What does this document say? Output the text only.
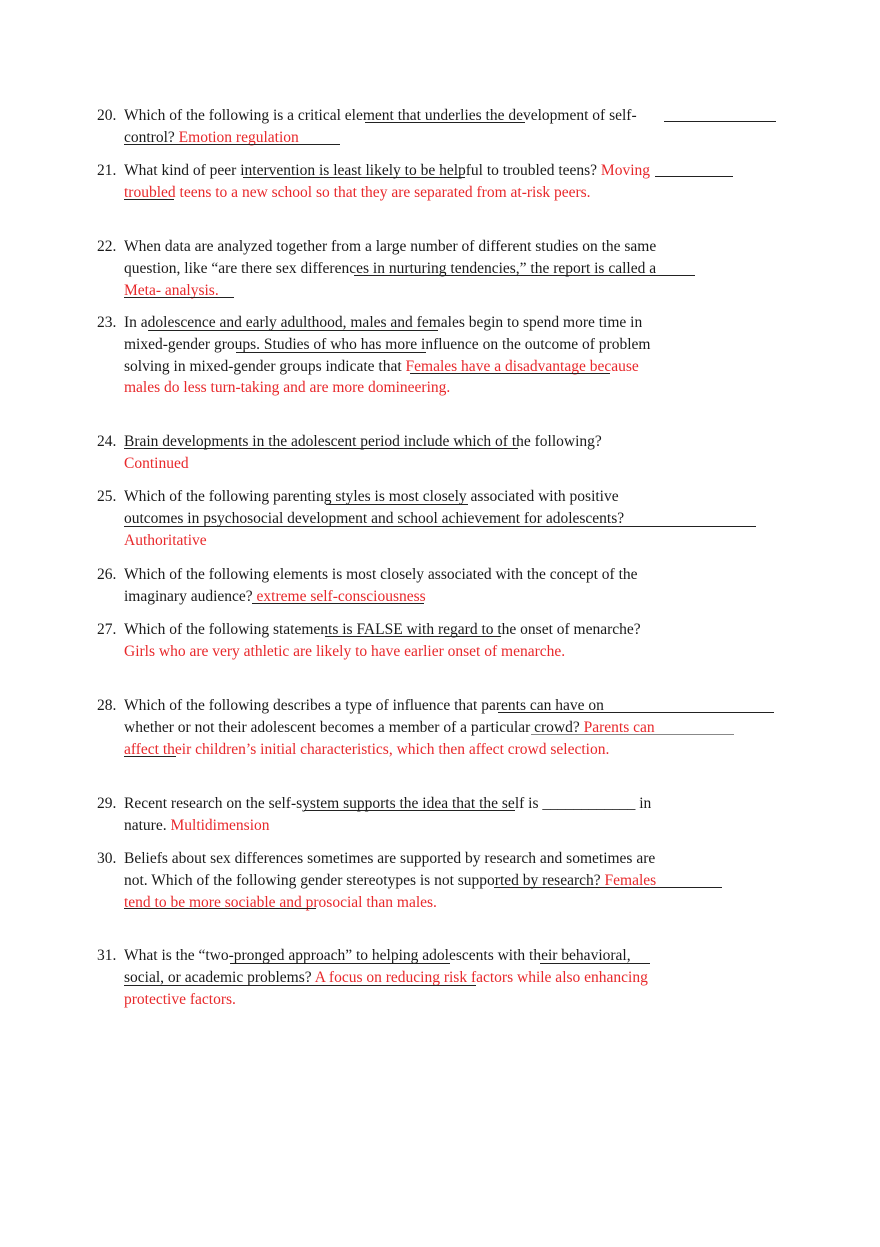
20. Which of the following is a critical element that underlies the development of self- control? Emotion regulation
21. What kind of peer intervention is least likely to be helpful to troubled teens? Moving troubled teens to a new school so that they are separated from at-risk peers.
22. When data are analyzed together from a large number of different studies on the same question, like “are there sex differences in nurturing tendencies,” the report is called a Meta- analysis.
23. In adolescence and early adulthood, males and females begin to spend more time in mixed-gender groups. Studies of who has more influence on the outcome of problem solving in mixed-gender groups indicate that Females have a disadvantage because males do less turn-taking and are more domineering.
24. Brain developments in the adolescent period include which of the following? Continued
25. Which of the following parenting styles is most closely associated with positive outcomes in psychosocial development and school achievement for adolescents? Authoritative
26. Which of the following elements is most closely associated with the concept of the imaginary audience? extreme self-consciousness
27. Which of the following statements is FALSE with regard to the onset of menarche? Girls who are very athletic are likely to have earlier onset of menarche.
28. Which of the following describes a type of influence that parents can have on whether or not their adolescent becomes a member of a particular crowd? Parents can affect their children’s initial characteristics, which then affect crowd selection.
29. Recent research on the self-system supports the idea that the self is ____________ in nature. Multidimension
30. Beliefs about sex differences sometimes are supported by research and sometimes are not. Which of the following gender stereotypes is not supported by research? Females tend to be more sociable and prosocial than males.
31. What is the “two-pronged approach” to helping adolescents with their behavioral, social, or academic problems? A focus on reducing risk factors while also enhancing protective factors.
